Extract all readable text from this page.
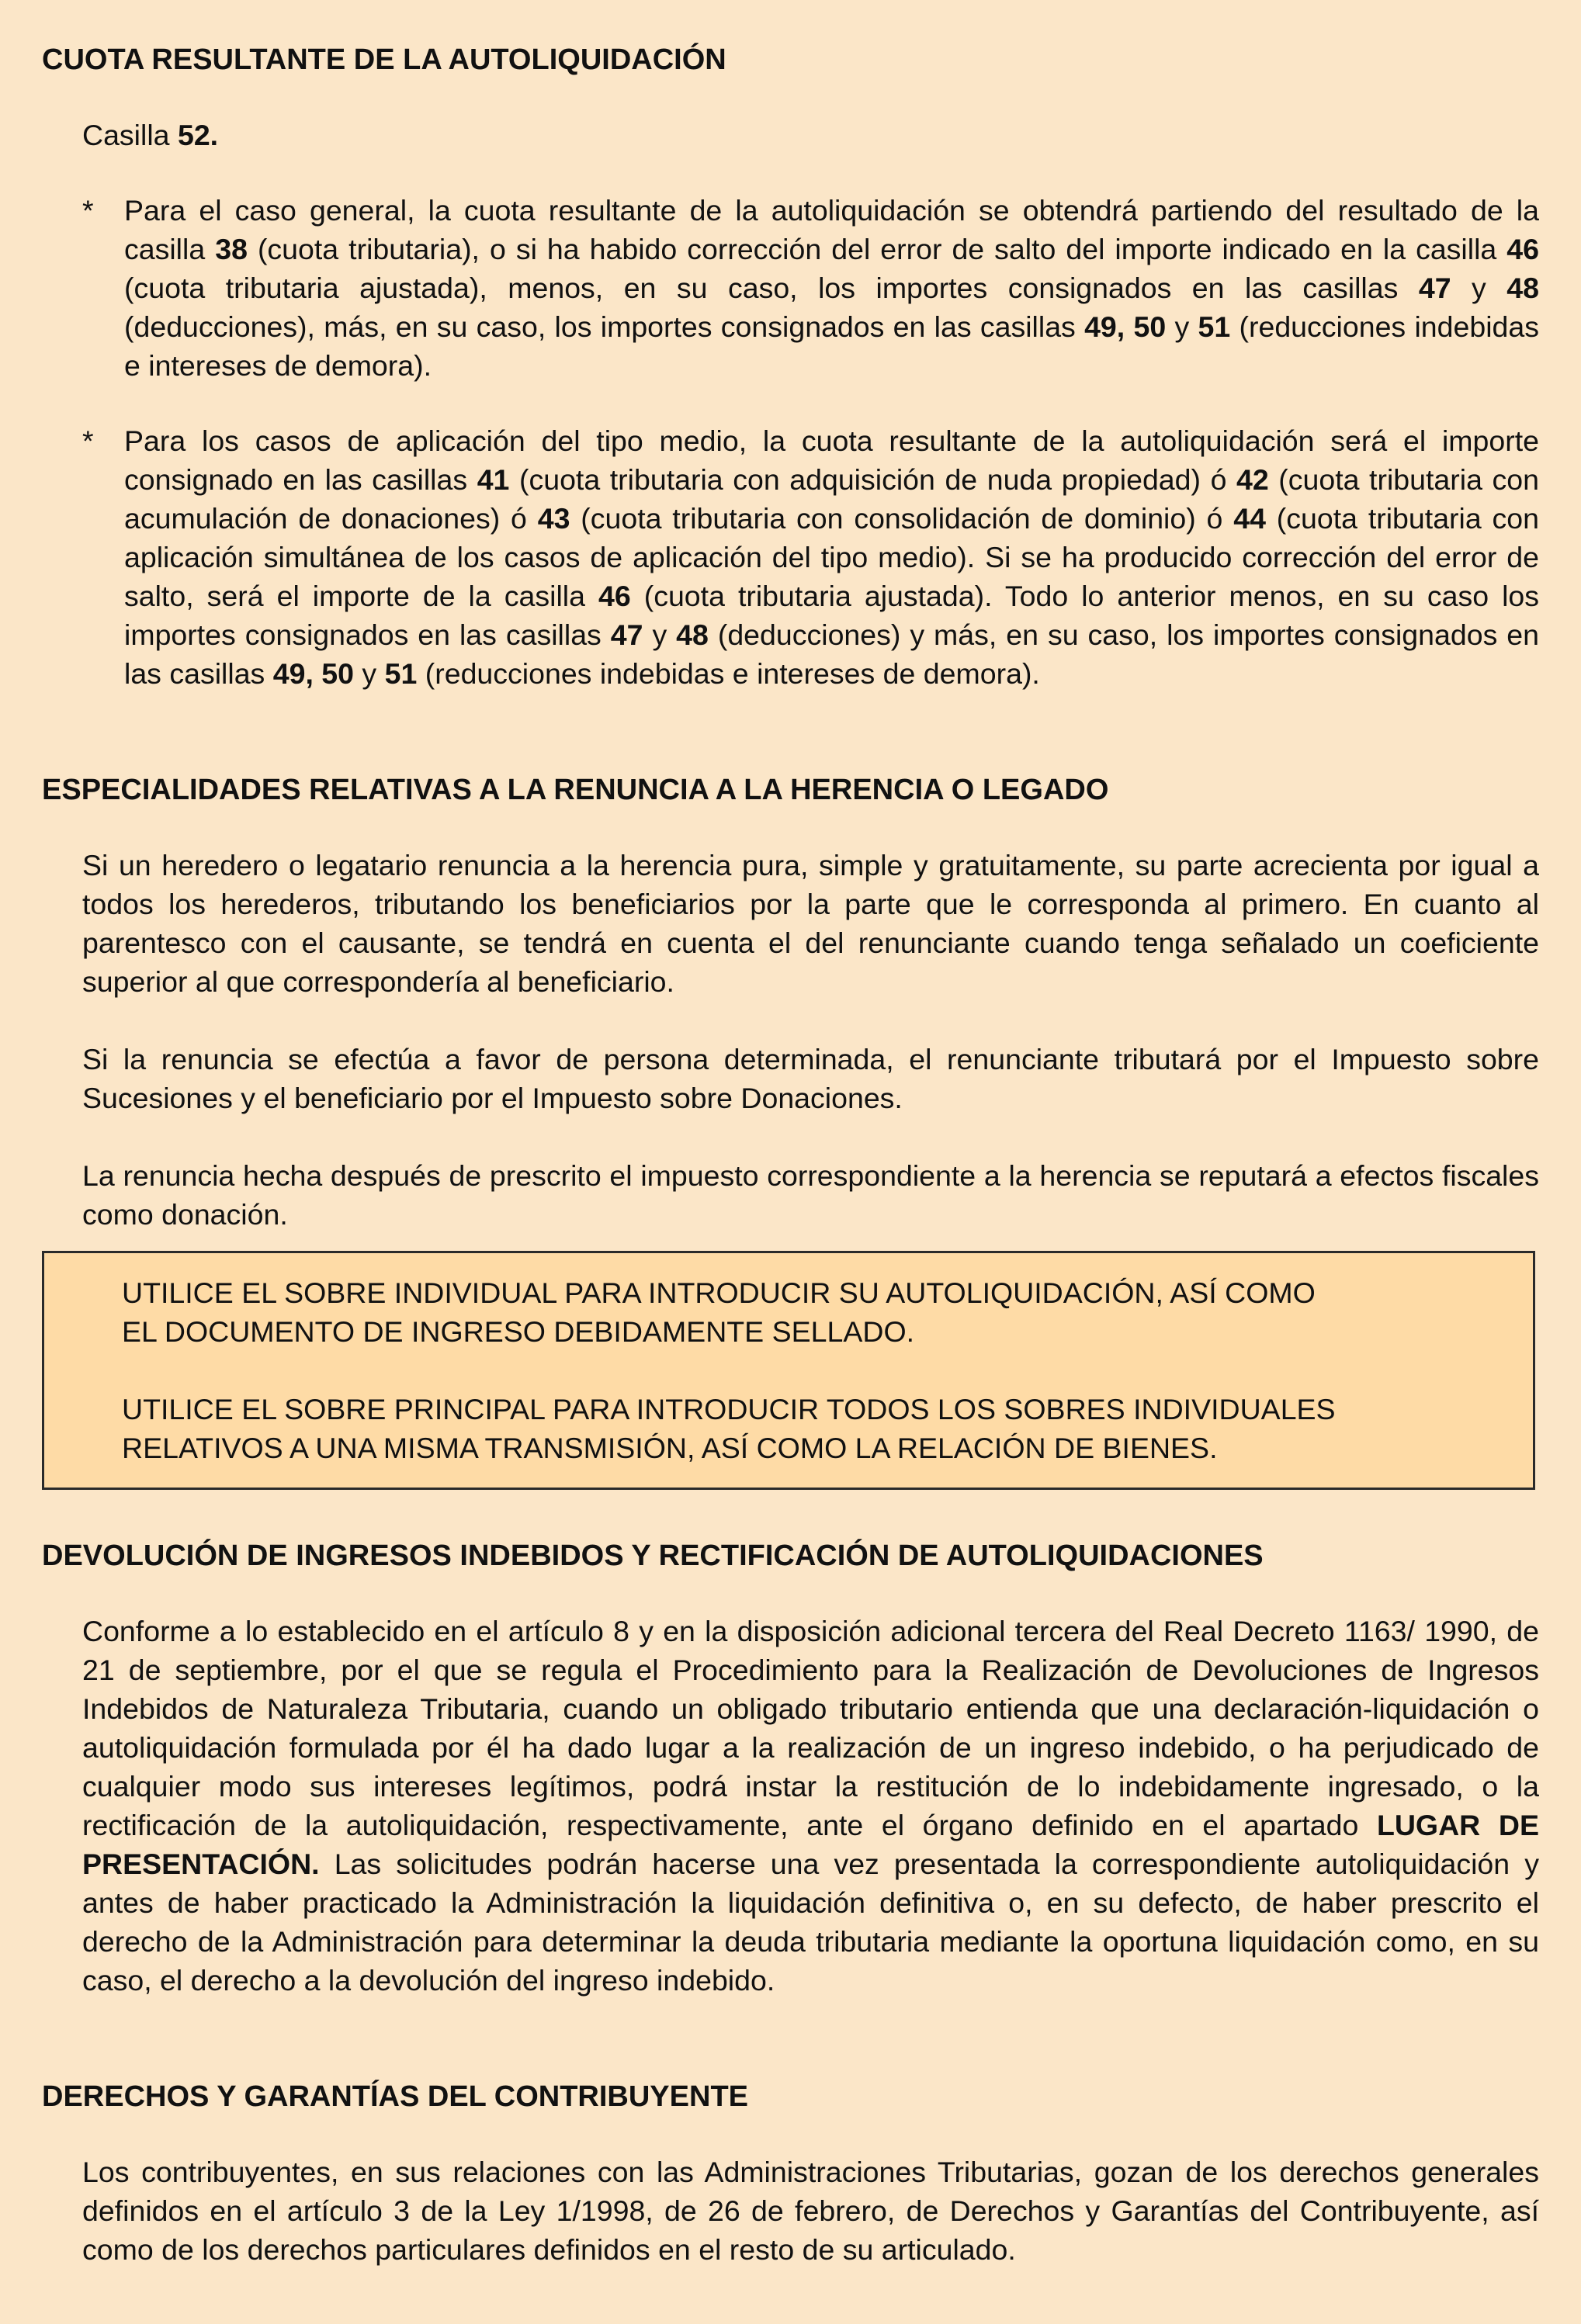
CUOTA RESULTANTE DE LA AUTOLIQUIDACIÓN
Casilla 52.
* Para el caso general, la cuota resultante de la autoliquidación se obtendrá partiendo del resultado de la casilla 38 (cuota tributaria), o si ha habido corrección del error de salto del importe indicado en la casilla 46 (cuota tributaria ajustada), menos, en su caso, los importes consignados en las casillas 47 y 48 (deducciones), más, en su caso, los importes consignados en las casillas 49, 50 y 51 (reducciones indebidas e intereses de demora).
* Para los casos de aplicación del tipo medio, la cuota resultante de la autoliquidación será el importe consignado en las casillas 41 (cuota tributaria con adquisición de nuda propiedad) ó 42 (cuota tributaria con acumulación de donaciones) ó 43 (cuota tributaria con consolidación de dominio) ó 44 (cuota tributaria con aplicación simultánea de los casos de aplicación del tipo medio). Si se ha producido corrección del error de salto, será el importe de la casilla 46 (cuota tributaria ajustada). Todo lo anterior menos, en su caso los importes consignados en las casillas 47 y 48 (deducciones) y más, en su caso, los importes consignados en las casillas 49, 50 y 51 (reducciones indebidas e intereses de demora).
ESPECIALIDADES RELATIVAS A LA RENUNCIA A LA HERENCIA O LEGADO

Si un heredero o legatario renuncia a la herencia pura, simple y gratuitamente, su parte acrecienta por igual a todos los herederos, tributando los beneficiarios por la parte que le corresponda al primero. En cuanto al parentesco con el causante, se tendrá en cuenta el del renunciante cuando tenga señalado un coeficiente superior al que correspondería al beneficiario.

Si la renuncia se efectúa a favor de persona determinada, el renunciante tributará por el Impuesto sobre Sucesiones y el beneficiario por el Impuesto sobre Donaciones.

La renuncia hecha después de prescrito el impuesto correspondiente a la herencia se reputará a efectos fiscales como donación.

UTILICE EL SOBRE INDIVIDUAL PARA INTRODUCIR SU AUTOLIQUIDACIÓN, ASÍ COMO

EL DOCUMENTO DE INGRESO DEBIDAMENTE SELLADO.

UTILICE EL SOBRE PRINCIPAL PARA INTRODUCIR TODOS LOS SOBRES INDIVIDUALES

RELATIVOS A UNA MISMA TRANSMISIÓN, ASÍ COMO LA RELACIÓN DE BIENES.

DEVOLUCIÓN DE INGRESOS INDEBIDOS Y RECTIFICACIÓN DE AUTOLIQUIDACIONES

Conforme a lo establecido en el artículo 8 y en la disposición adicional tercera del Real Decreto 1163/ 1990, de 21 de septiembre, por el que se regula el Procedimiento para la Realización de Devoluciones de Ingresos Indebidos de Naturaleza Tributaria, cuando un obligado tributario entienda que una declaración-liquidación o autoliquidación formulada por él ha dado lugar a la realización de un ingreso indebido, o ha perjudicado de cualquier modo sus intereses legítimos, podrá instar la restitución de lo indebidamente ingresado, o la rectificación de la autoliquidación, respectivamente, ante el órgano definido en el apartado LUGAR DE PRESENTACIÓN. Las solicitudes podrán hacerse una vez presentada la correspondiente autoliquidación y antes de haber practicado la Administración la liquidación definitiva o, en su defecto, de haber prescrito el derecho de la Administración para determinar la deuda tributaria mediante la oportuna liquidación como, en su caso, el derecho a la devolución del ingreso indebido.

DERECHOS Y GARANTÍAS DEL CONTRIBUYENTE

Los contribuyentes, en sus relaciones con las Administraciones Tributarias, gozan de los derechos generales definidos en el artículo 3 de la Ley 1/1998, de 26 de febrero, de Derechos y Garantías del Contribuyente, así como de los derechos particulares definidos en el resto de su articulado.
